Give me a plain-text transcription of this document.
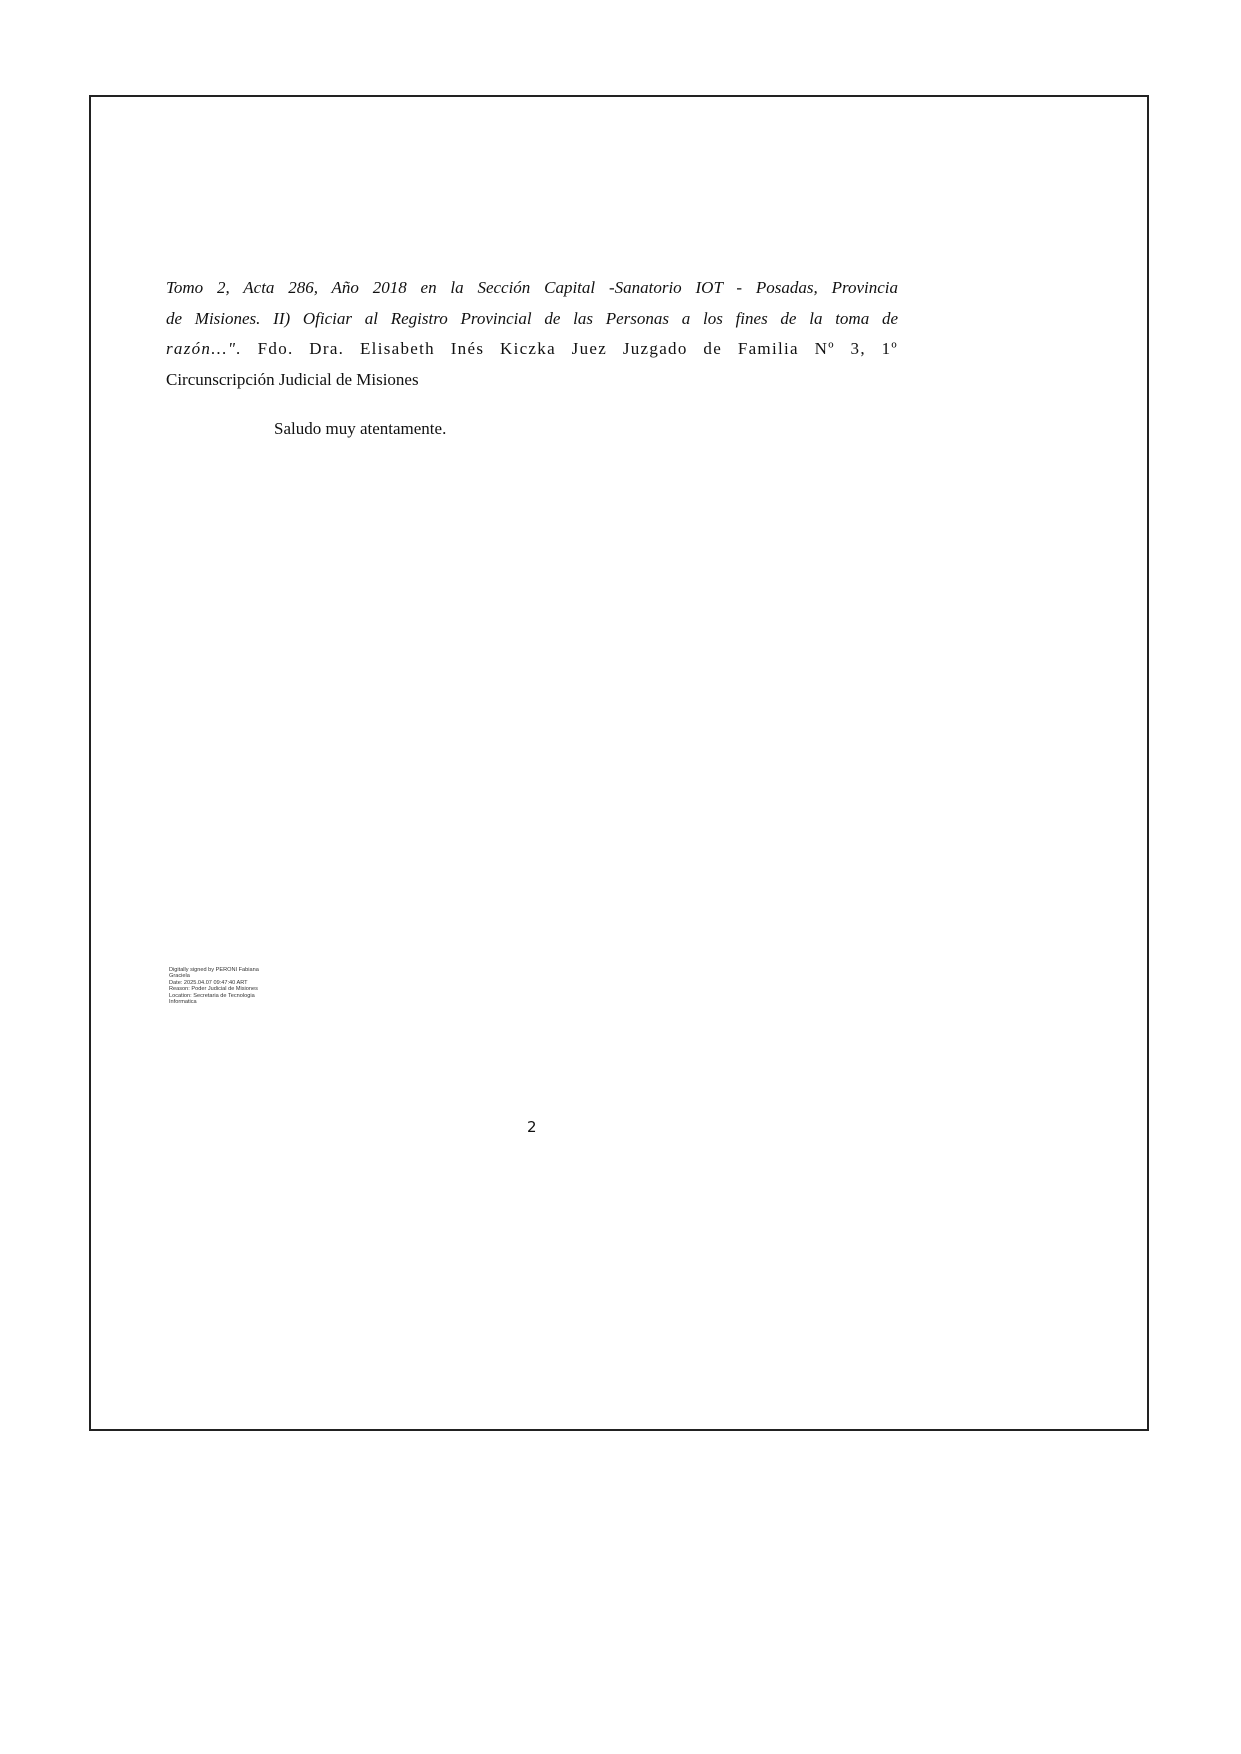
Tomo 2, Acta 286, Año 2018 en la Sección Capital -Sanatorio IOT - Posadas, Provincia
de Misiones. II) Oficiar al Registro Provincial de las Personas a los fines de la toma de
razón...". Fdo. Dra. Elisabeth Inés Kiczka Juez Juzgado de Familia Nº 3, 1º
Circunscripción Judicial de Misiones
Saludo muy atentamente.
Digitally signed by PERONI Fabiana
Graciela
Date: 2025.04.07 09:47:40 ART
Reason: Poder Judicial de Misiones
Location: Secretaria de Tecnologia
Informatica
2
